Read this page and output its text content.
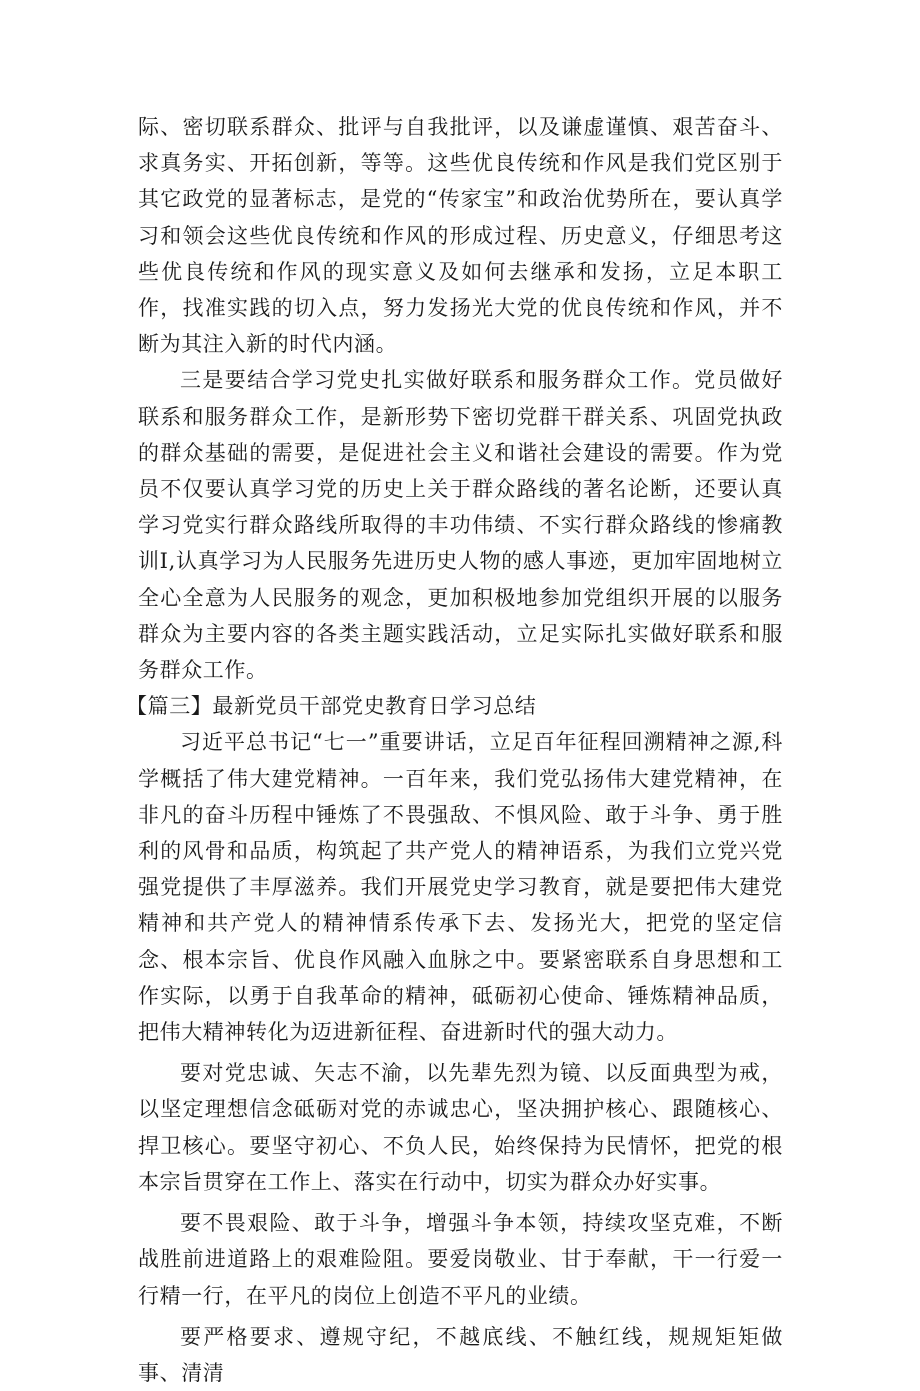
际、密切联系群众、批评与自我批评，以及谦虚谨慎、艰苦奋斗、求真务实、开拓创新，等等。这些优良传统和作风是我们党区别于其它政党的显著标志，是党的“传家宝”和政治优势所在，要认真学习和领会这些优良传统和作风的形成过程、历史意义，仔细思考这些优良传统和作风的现实意义及如何去继承和发扬，立足本职工作，找准实践的切入点，努力发扬光大党的优良传统和作风，并不断为其注入新的时代内涵。

三是要结合学习党史扎实做好联系和服务群众工作。党员做好联系和服务群众工作，是新形势下密切党群干群关系、巩固党执政的群众基础的需要，是促进社会主义和谐社会建设的需要。作为党员不仅要认真学习党的历史上关于群众路线的著名论断，还要认真学习党实行群众路线所取得的丰功伟绩、不实行群众路线的惨痛教训I,认真学习为人民服务先进历史人物的感人事迹，更加牢固地树立全心全意为人民服务的观念，更加积极地参加党组织开展的以服务群众为主要内容的各类主题实践活动，立足实际扎实做好联系和服务群众工作。

【篇三】最新党员干部党史教育日学习总结

习近平总书记“七一”重要讲话，立足百年征程回溯精神之源,科学概括了伟大建党精神。一百年来，我们党弘扬伟大建党精神，在非凡的奋斗历程中锤炼了不畏强敌、不惧风险、敢于斗争、勇于胜利的风骨和品质，构筑起了共产党人的精神语系，为我们立党兴党强党提供了丰厚滋养。我们开展党史学习教育，就是要把伟大建党精神和共产党人的精神情系传承下去、发扬光大，把党的坚定信念、根本宗旨、优良作风融入血脉之中。要紧密联系自身思想和工作实际，以勇于自我革命的精神，砥砺初心使命、锤炼精神品质，把伟大精神转化为迈进新征程、奋进新时代的强大动力。

要对党忠诚、矢志不渝，以先辈先烈为镜、以反面典型为戒，以坚定理想信念砥砺对党的赤诚忠心，坚决拥护核心、跟随核心、捍卫核心。要坚守初心、不负人民，始终保持为民情怀，把党的根本宗旨贯穿在工作上、落实在行动中，切实为群众办好实事。

要不畏艰险、敢于斗争，增强斗争本领，持续攻坚克难，不断战胜前进道路上的艰难险阻。要爱岗敬业、甘于奉献，干一行爱一行精一行，在平凡的岗位上创造不平凡的业绩。

要严格要求、遵规守纪，不越底线、不触红线，规规矩矩做事、清清
